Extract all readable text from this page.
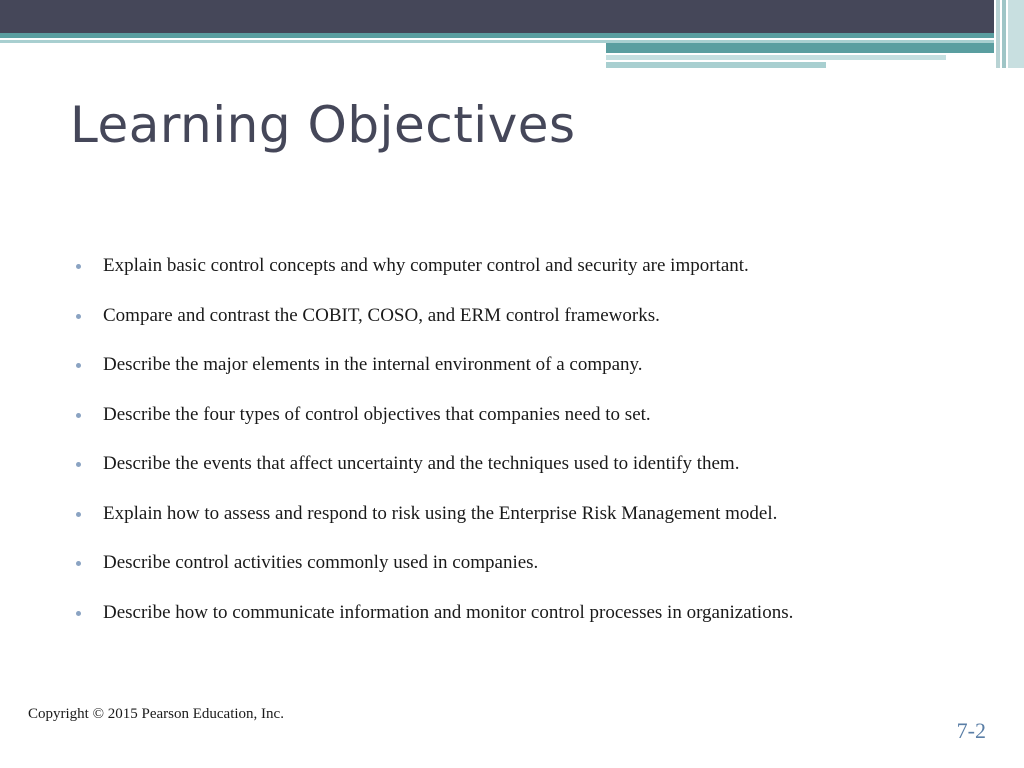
Learning Objectives
Explain basic control concepts and why computer control and security are important.
Compare and contrast the COBIT, COSO, and ERM control frameworks.
Describe the major elements in the internal environment of a company.
Describe the four types of control objectives that companies need to set.
Describe the events that affect uncertainty and the techniques used to identify them.
Explain how to assess and respond to risk using the Enterprise Risk Management model.
Describe control activities commonly used in companies.
Describe how to communicate information and monitor control processes in organizations.
Copyright © 2015 Pearson Education, Inc.
7-2
